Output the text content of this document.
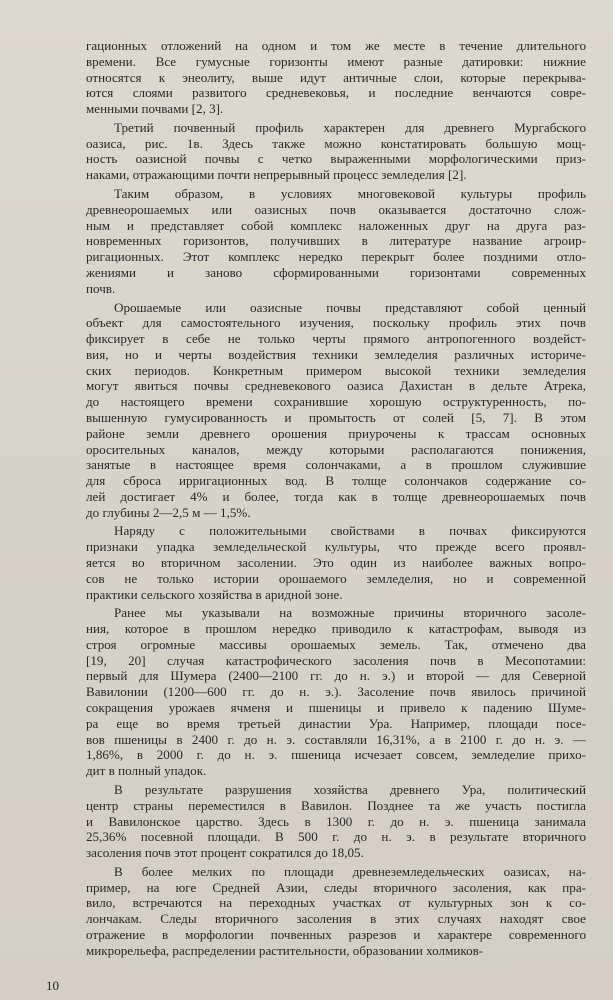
гационных отложений на одном и том же месте в течение длительного
времени. Все гумусные горизонты имеют разные датировки: нижние
относятся к энеолиту, выше идут античные слои, которые перекрыва-
ются слоями развитого средневековья, и последние венчаются совре-
менными почвами [2, 3].

Третий почвенный профиль характерен для древнего Мургабского
оазиса, рис. 1в. Здесь также можно констатировать большую мощ-
ность оазисной почвы с четко выраженными морфологическими приз-
наками, отражающими почти непрерывный процесс земледелия [2].

Таким образом, в условиях многовековой культуры профиль
древнеорошаемых или оазисных почв оказывается достаточно слож-
ным и представляет собой комплекс наложенных друг на друга раз-
новременных горизонтов, получивших в литературе название агроир-
ригационных. Этот комплекс нередко перекрыт более поздними отло-
жениями и заново сформированными горизонтами современных
почв.

Орошаемые или оазисные почвы представляют собой ценный
объект для самостоятельного изучения, поскольку профиль этих почв
фиксирует в себе не только черты прямого антропогенного воздейст-
вия, но и черты воздействия техники земледелия различных историче-
ских периодов. Конкретным примером высокой техники земледелия
могут явиться почвы средневекового оазиса Дахистан в дельте Атрека,
до настоящего времени сохранившие хорошую оструктуренность, по-
вышенную гумусированность и промытость от солей [5, 7]. В этом
районе земли древнего орошения приурочены к трассам основных
оросительных каналов, между которыми располагаются понижения,
занятые в настоящее время солончаками, а в прошлом служившие
для сброса ирригационных вод. В толще солончаков содержание со-
лей достигает 4% и более, тогда как в толще древнеорошаемых почв
до глубины 2—2,5 м — 1,5%.

Наряду с положительными свойствами в почвах фиксируются
признаки упадка земледельческой культуры, что прежде всего проявл-
яется во вторичном засолении. Это один из наиболее важных вопро-
сов не только истории орошаемого земледелия, но и современной
практики сельского хозяйства в аридной зоне.

Ранее мы указывали на возможные причины вторичного засоле-
ния, которое в прошлом нередко приводило к катастрофам, выводя из
строя огромные массивы орошаемых земель. Так, отмечено два
[19, 20] случая катастрофического засоления почв в Месопотамии:
первый для Шумера (2400—2100 гг. до н. э.) и второй — для Северной
Вавилонии (1200—600 гг. до н. э.). Засоление почв явилось причиной
сокращения урожаев ячменя и пшеницы и привело к падению Шуме-
ра еще во время третьей династии Ура. Например, площади посе-
вов пшеницы в 2400 г. до н. э. составляли 16,31%, а в 2100 г. до н. э. —
1,86%, в 2000 г. до н. э. пшеница исчезает совсем, земледелие прихо-
дит в полный упадок.

В результате разрушения хозяйства древнего Ура, политический
центр страны переместился в Вавилон. Позднее та же участь постигла
и Вавилонское царство. Здесь в 1300 г. до н. э. пшеница занимала
25,36% посевной площади. В 500 г. до н. э. в результате вторичного
засоления почв этот процент сократился до 18,05.

В более мелких по площади древнеземледельческих оазисах, на-
пример, на юге Средней Азии, следы вторичного засоления, как пра-
вило, встречаются на переходных участках от культурных зон к со-
лончакам. Следы вторичного засоления в этих случаях находят свое
отражение в морфологии почвенных разрезов и характере современного
микрорельефа, распределении растительности, образовании холмиков-

10
